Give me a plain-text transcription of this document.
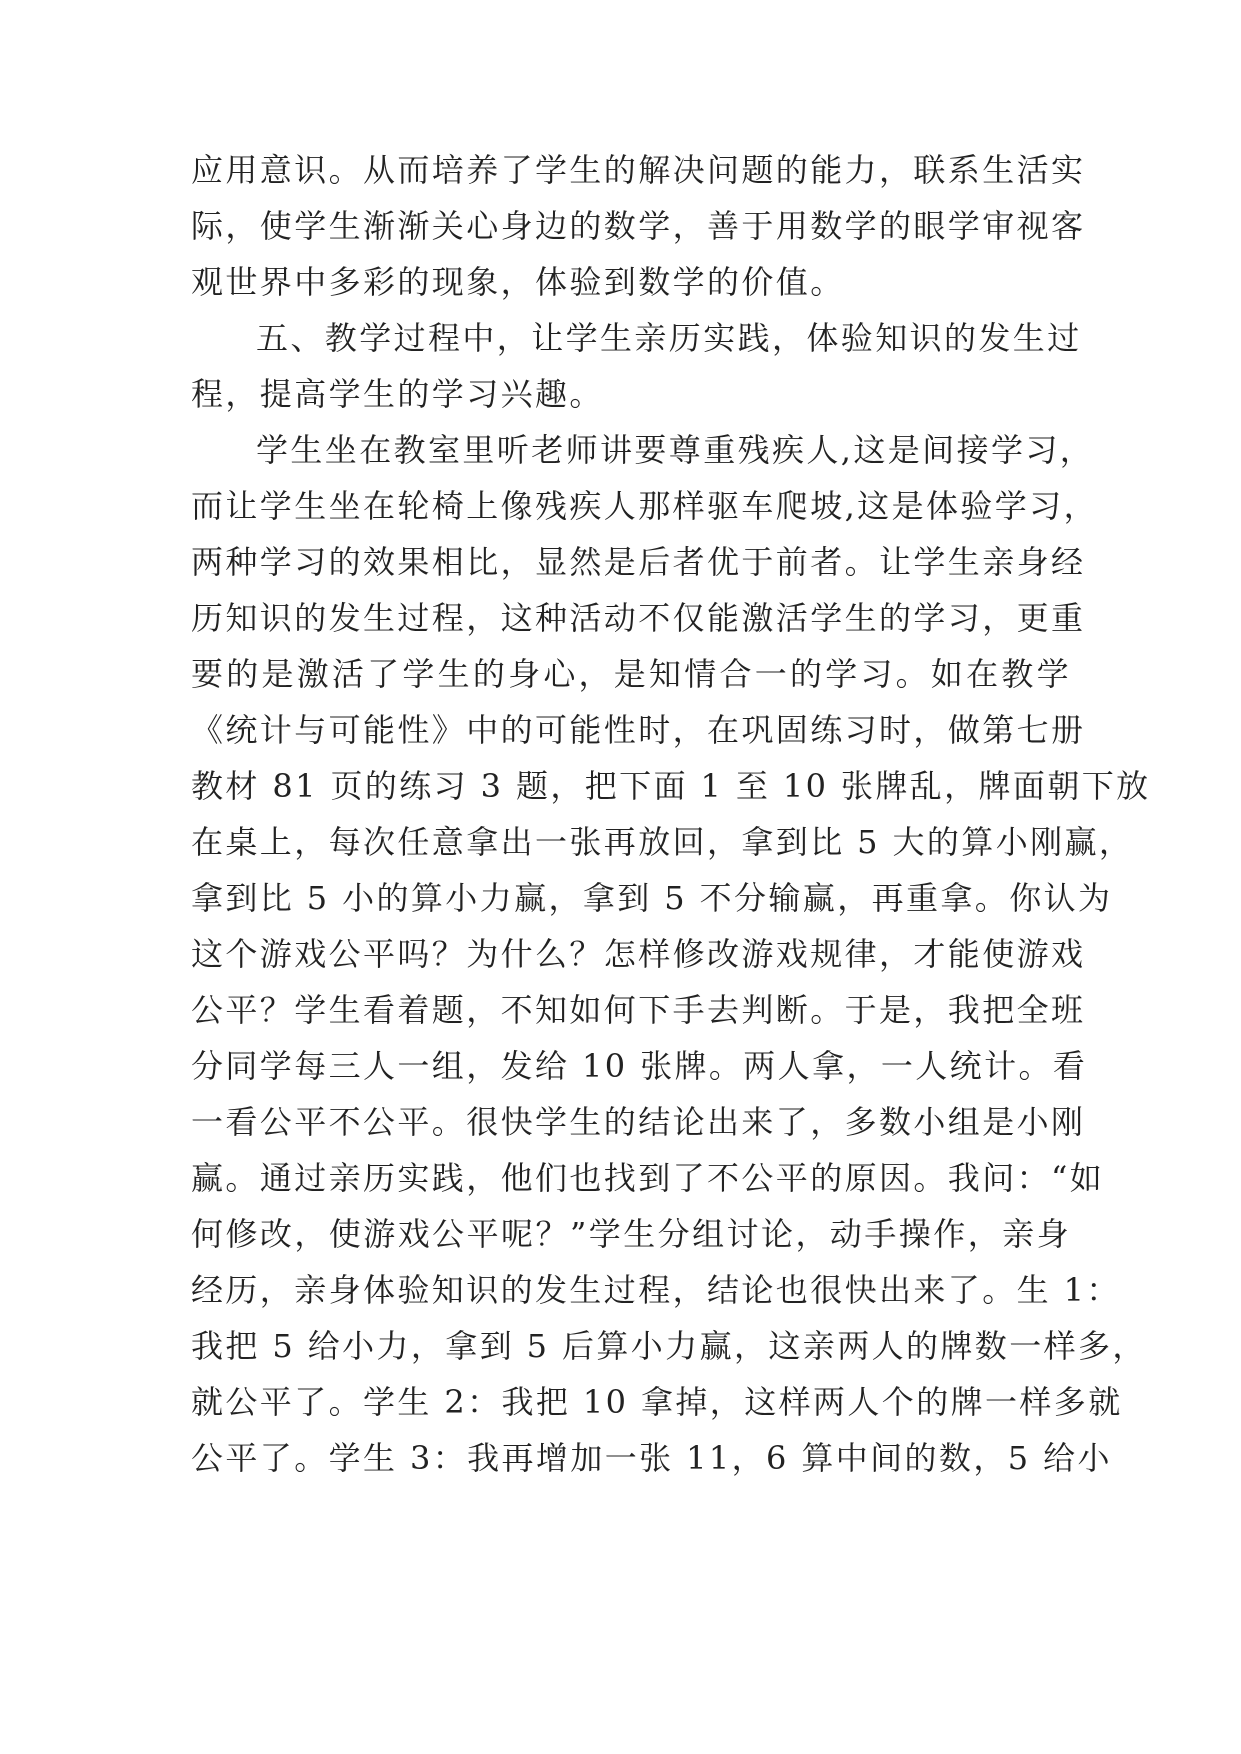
应用意识。从而培养了学生的解决问题的能力，联系生活实
际，使学生渐渐关心身边的数学，善于用数学的眼学审视客
观世界中多彩的现象，体验到数学的价值。
五、教学过程中，让学生亲历实践，体验知识的发生过
程，提高学生的学习兴趣。
学生坐在教室里听老师讲要尊重残疾人,这是间接学习，
而让学生坐在轮椅上像残疾人那样驱车爬坡,这是体验学习，
两种学习的效果相比，显然是后者优于前者。让学生亲身经
历知识的发生过程，这种活动不仅能激活学生的学习，更重
要的是激活了学生的身心，是知情合一的学习。如在教学
《统计与可能性》中的可能性时，在巩固练习时，做第七册
教材 81 页的练习 3 题，把下面 1 至 10 张牌乱，牌面朝下放
在桌上，每次任意拿出一张再放回，拿到比 5 大的算小刚赢，
拿到比 5 小的算小力赢，拿到 5 不分输赢，再重拿。你认为
这个游戏公平吗？为什么？怎样修改游戏规律，才能使游戏
公平？学生看着题，不知如何下手去判断。于是，我把全班
分同学每三人一组，发给 10 张牌。两人拿，一人统计。看
一看公平不公平。很快学生的结论出来了，多数小组是小刚
赢。通过亲历实践，他们也找到了不公平的原因。我问：“如
何修改，使游戏公平呢？”学生分组讨论，动手操作，亲身
经历，亲身体验知识的发生过程，结论也很快出来了。生 1：
我把 5 给小力，拿到 5 后算小力赢，这亲两人的牌数一样多，
就公平了。学生 2：我把 10 拿掉，这样两人个的牌一样多就
公平了。学生 3：我再增加一张 11，6 算中间的数，5 给小
